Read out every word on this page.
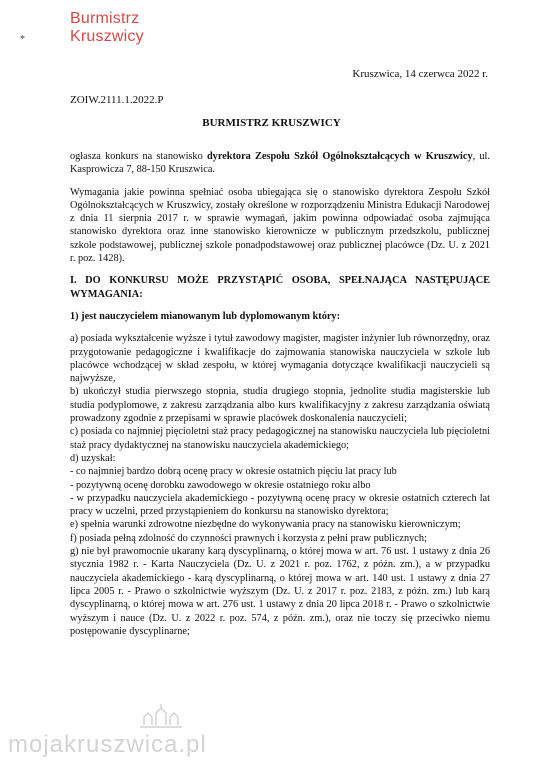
*
Burmistrz
Kruszwicy
Kruszwica, 14 czerwca 2022 r.
ZOIW.2111.1.2022.P
BURMISTRZ KRUSZWICY

ogłasza konkurs na stanowisko dyrektora Zespołu Szkół Ogólnokształcących w Kruszwicy, ul. Kasprowicza 7, 88-150 Kruszwica.

Wymagania jakie powinna spełniać osoba ubiegająca się o stanowisko dyrektora Zespołu Szkół Ogólnokształcących w Kruszwicy, zostały określone w rozporządzeniu Ministra Edukacji Narodowej z dnia 11 sierpnia 2017 r. w sprawie wymagań, jakim powinna odpowiadać osoba zajmująca stanowisko dyrektora oraz inne stanowisko kierownicze w publicznym przedszkolu, publicznej szkole podstawowej, publicznej szkole ponadpodstawowej oraz publicznej placówce (Dz. U. z 2021 r. poz. 1428).

I. DO KONKURSU MOŻE PRZYSTĄPIĆ OSOBA, SPEŁNAJĄCA NASTĘPUJĄCE WYMAGANIA:

1) jest nauczycielem mianowanym lub dyplomowanym który:

a) posiada wykształcenie wyższe i tytuł zawodowy magister, magister inżynier lub równorzędny, oraz przygotowanie pedagogiczne i kwalifikacje do zajmowania stanowiska nauczyciela w szkole lub placówce wchodzącej w skład zespołu, w której wymagania dotyczące kwalifikacji nauczycieli są najwyższe,

b) ukończył studia pierwszego stopnia, studia drugiego stopnia, jednolite studia magisterskie lub studia podyplomowe, z zakresu zarządzania albo kurs kwalifikacyjny z zakresu zarządzania oświatą prowadzony zgodnie z przepisami w sprawie placówek doskonalenia nauczycieli;

c) posiada co najmniej pięcioletni staż pracy pedagogicznej na stanowisku nauczyciela lub pięcioletni staż pracy dydaktycznej na stanowisku nauczyciela akademickiego;

d) uzyskał:

- co najmniej bardzo dobrą ocenę pracy w okresie ostatnich pięciu lat pracy lub

- pozytywną ocenę dorobku zawodowego w okresie ostatniego roku albo

- w przypadku nauczyciela akademickiego - pozytywną ocenę pracy w okresie ostatnich czterech lat pracy w uczelni, przed przystąpieniem do konkursu na stanowisko dyrektora;

e) spełnia warunki zdrowotne niezbędne do wykonywania pracy na stanowisku kierowniczym;

f) posiada pełną zdolność do czynności prawnych i korzysta z pełni praw publicznych;

g) nie był prawomocnie ukarany karą dyscyplinarną, o której mowa w art. 76 ust. 1 ustawy z dnia 26 stycznia 1982 r. - Karta Nauczyciela (Dz. U. z 2021 r. poz. 1762, z późn. zm.), a w przypadku nauczyciela akademickiego - karą dyscyplinarną, o której mowa w art. 140 ust. 1 ustawy z dnia 27 lipca 2005 r. - Prawo o szkolnictwie wyższym (Dz. U. z 2017 r. poz. 2183, z późn. zm.) lub karą dyscyplinarną, o której mowa w art. 276 ust. 1 ustawy z dnia 20 lipca 2018 r. - Prawo o szkolnictwie wyższym i nauce (Dz. U. z 2022 r. poz. 574, z późn. zm.), oraz nie toczy się przeciwko niemu postępowanie dyscyplinarne;

mojakruszwica.pl
